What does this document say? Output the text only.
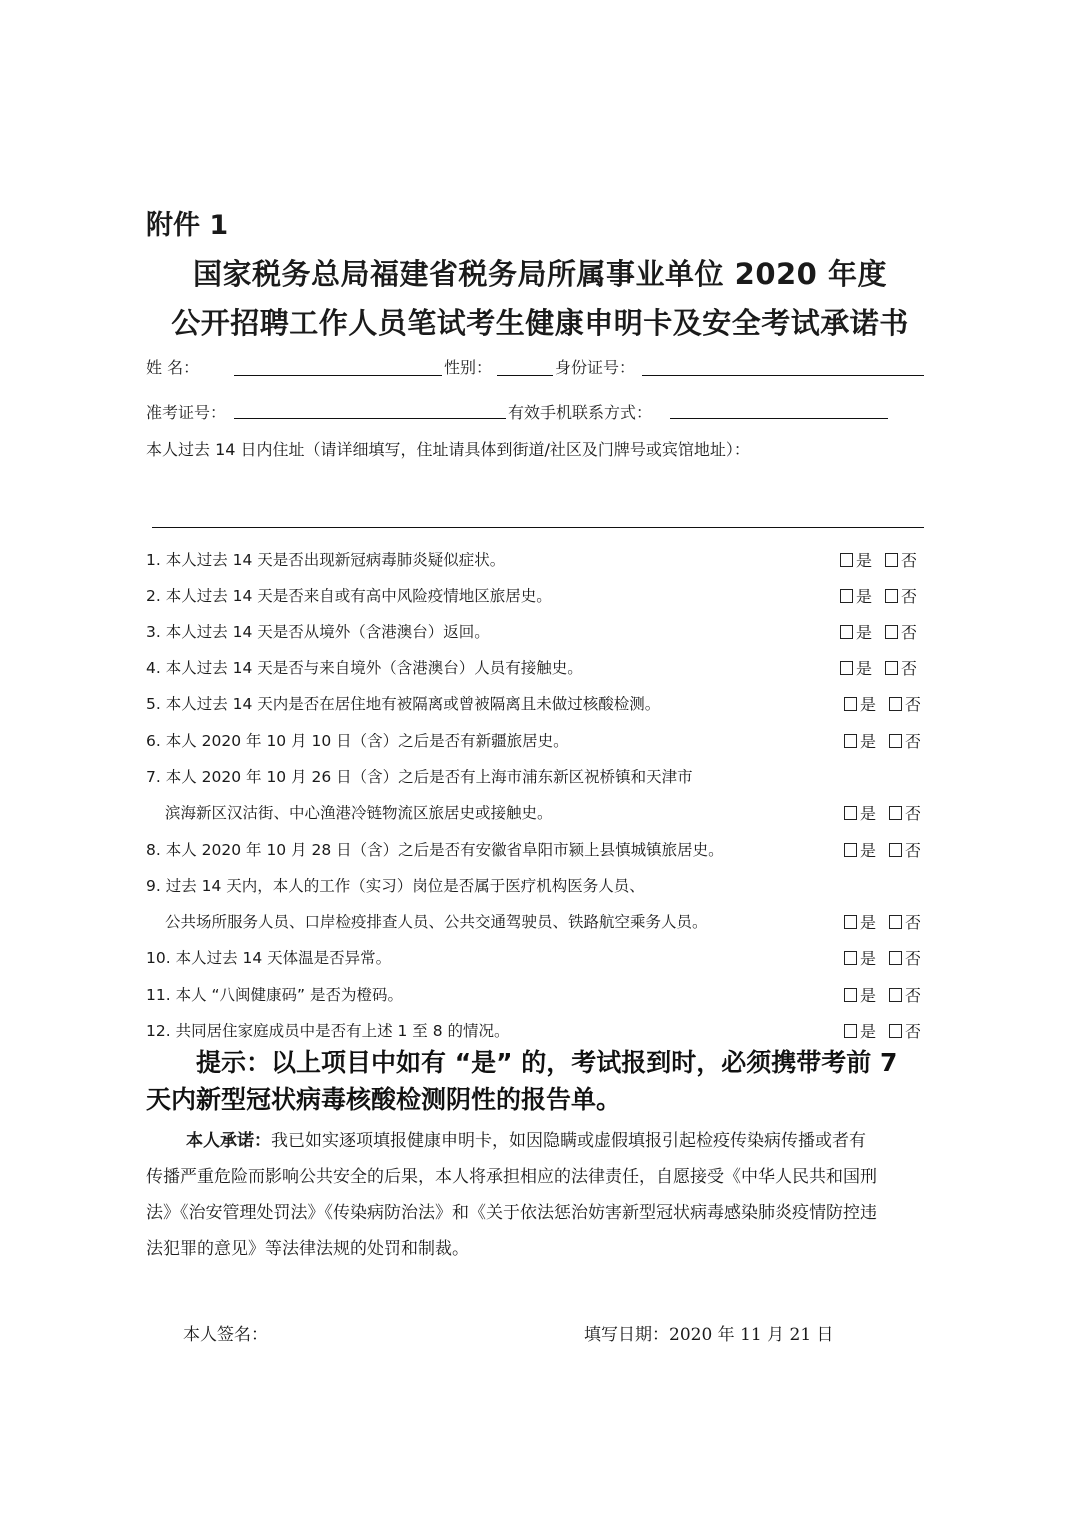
附件 1
国家税务总局福建省税务局所属事业单位 2020 年度
公开招聘工作人员笔试考生健康申明卡及安全考试承诺书
姓 名：	性别：	身份证号：
准考证号：	有效手机联系方式：
本人过去 14 日内住址（请详细填写，住址请具体到街道/社区及门牌号或宾馆地址）：
1. 本人过去 14 天是否出现新冠病毒肺炎疑似症状。	是 否
2. 本人过去 14 天是否来自或有高中风险疫情地区旅居史。	是 否
3. 本人过去 14 天是否从境外（含港澳台）返回。	是 否
4. 本人过去 14 天是否与来自境外（含港澳台）人员有接触史。	是 否
5. 本人过去 14 天内是否在居住地有被隔离或曾被隔离且未做过核酸检测。	是 否
6. 本人 2020 年 10 月 10 日（含）之后是否有新疆旅居史。	是 否
7. 本人 2020 年 10 月 26 日（含）之后是否有上海市浦东新区祝桥镇和天津市
滨海新区汉沽街、中心渔港冷链物流区旅居史或接触史。	是 否
8. 本人 2020 年 10 月 28 日（含）之后是否有安徽省阜阳市颍上县慎城镇旅居史。	是 否
9. 过去 14 天内，本人的工作（实习）岗位是否属于医疗机构医务人员、
公共场所服务人员、口岸检疫排查人员、公共交通驾驶员、铁路航空乘务人员。	是 否
10. 本人过去 14 天体温是否异常。	是 否
11. 本人 “八闽健康码” 是否为橙码。	是 否
12. 共同居住家庭成员中是否有上述 1 至 8 的情况。	是 否
提示：以上项目中如有 “是” 的，考试报到时，必须携带考前 7
天内新型冠状病毒核酸检测阴性的报告单。
本人承诺：我已如实逐项填报健康申明卡，如因隐瞒或虚假填报引起检疫传染病传播或者有
传播严重危险而影响公共安全的后果，本人将承担相应的法律责任，自愿接受《中华人民共和国刑
法》《治安管理处罚法》《传染病防治法》和《关于依法惩治妨害新型冠状病毒感染肺炎疫情防控违
法犯罪的意见》等法律法规的处罚和制裁。
本人签名：	填写日期：2020 年 11 月 21 日
